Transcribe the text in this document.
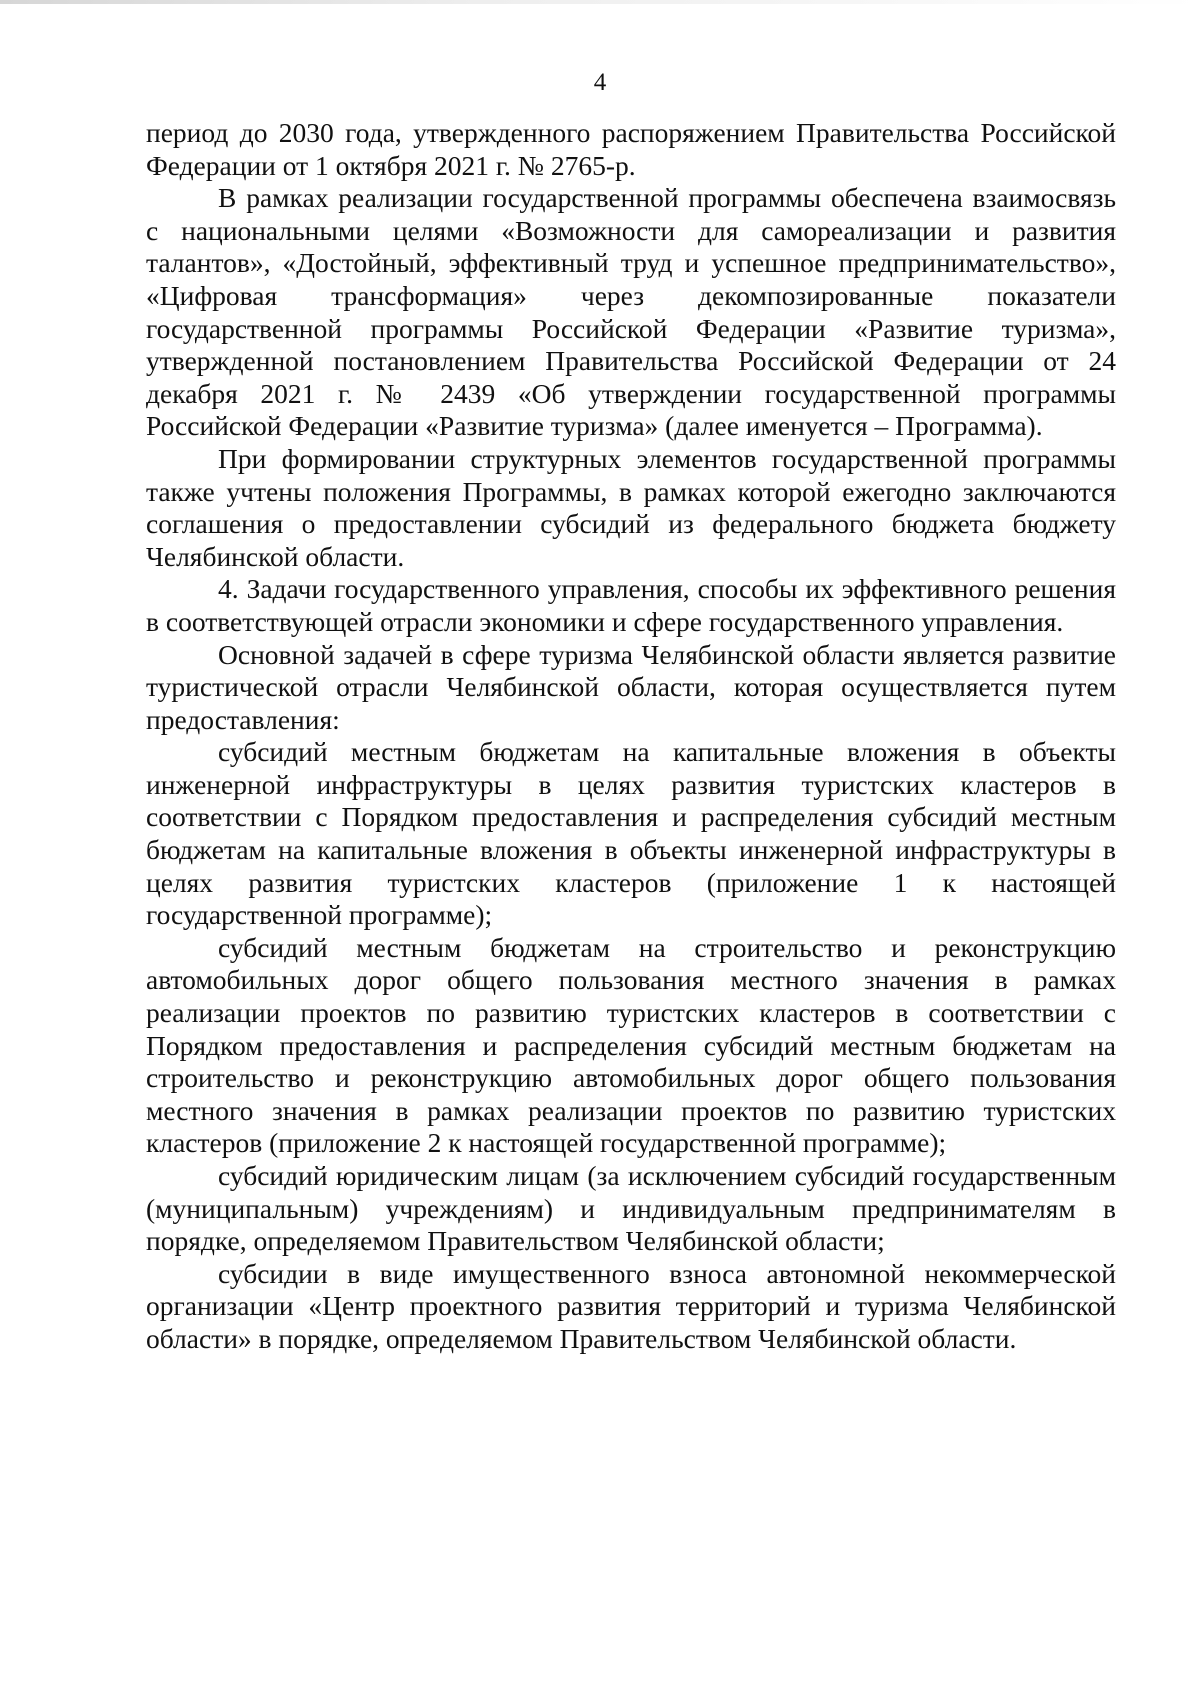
4

период до 2030 года, утвержденного распоряжением Правительства Российской Федерации от 1 октября 2021 г. № 2765-р.

В рамках реализации государственной программы обеспечена взаимосвязь с национальными целями «Возможности для самореализации и развития талантов», «Достойный, эффективный труд и успешное предпринимательство», «Цифровая трансформация» через декомпозированные показатели государственной программы Российской Федерации «Развитие туризма», утвержденной постановлением Правительства Российской Федерации от 24 декабря 2021 г. № 2439 «Об утверждении государственной программы Российской Федерации «Развитие туризма» (далее именуется – Программа).

При формировании структурных элементов государственной программы также учтены положения Программы, в рамках которой ежегодно заключаются соглашения о предоставлении субсидий из федерального бюджета бюджету Челябинской области.

4. Задачи государственного управления, способы их эффективного решения в соответствующей отрасли экономики и сфере государственного управления.

Основной задачей в сфере туризма Челябинской области является развитие туристической отрасли Челябинской области, которая осуществляется путем предоставления:

субсидий местным бюджетам на капитальные вложения в объекты инженерной инфраструктуры в целях развития туристских кластеров в соответствии с Порядком предоставления и распределения субсидий местным бюджетам на капитальные вложения в объекты инженерной инфраструктуры в целях развития туристских кластеров (приложение 1 к настоящей государственной программе);

субсидий местным бюджетам на строительство и реконструкцию автомобильных дорог общего пользования местного значения в рамках реализации проектов по развитию туристских кластеров в соответствии с Порядком предоставления и распределения субсидий местным бюджетам на строительство и реконструкцию автомобильных дорог общего пользования местного значения в рамках реализации проектов по развитию туристских кластеров (приложение 2 к настоящей государственной программе);

субсидий юридическим лицам (за исключением субсидий государственным (муниципальным) учреждениям) и индивидуальным предпринимателям в порядке, определяемом Правительством Челябинской области;

субсидии в виде имущественного взноса автономной некоммерческой организации «Центр проектного развития территорий и туризма Челябинской области» в порядке, определяемом Правительством Челябинской области.
